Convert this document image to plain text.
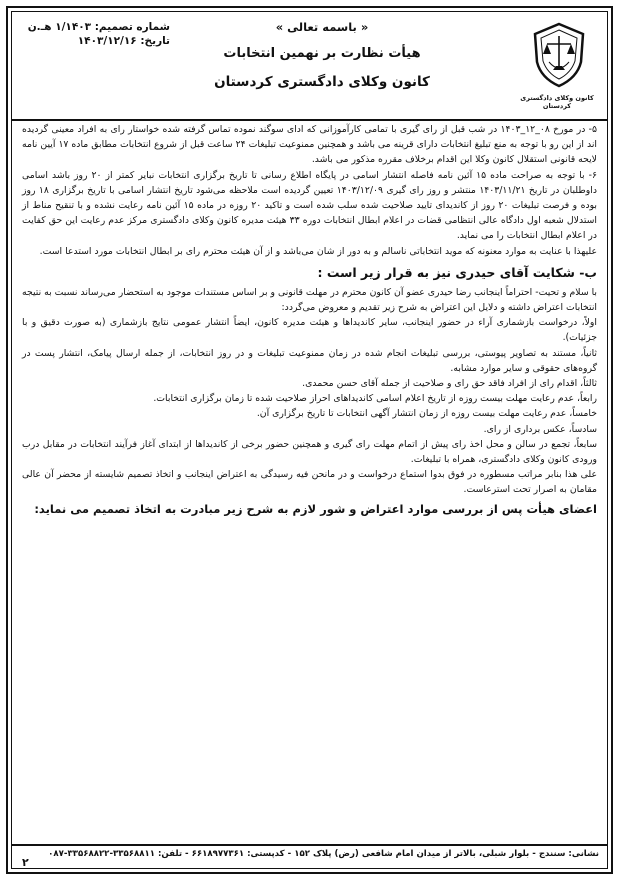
کانون وکلای دادگستری کردستان
« باسمه تعالی »
هیأت نظارت بر نهمین انتخابات
کانون وکلای دادگستری کردستان
شماره تصمیم: ۱/۱۴۰۳ هـ.ن
تاریخ: ۱۴۰۳/۱۲/۱۶

۵- در مورخ ۰۸_۱۲_۱۴۰۳ در شب قبل از رای گیری با تمامی کارآموزانی که ادای سوگند نموده تماس گرفته شده خواستار رای به افراد معینی گردیده اند از این رو با توجه به منع تبلیغ انتخابات دارای قرینه می باشد و همچنین ممنوعیت تبلیغات ۲۴ ساعت قبل از شروع انتخابات مطابق ماده ۱۷ آیین نامه لایحه قانونی استقلال کانون وکلا این اقدام برخلاف مقرره مذکور می باشد.

۶- با توجه به صراحت ماده ۱۵ آئین نامه فاصله انتشار اسامی در پایگاه اطلاع رسانی تا تاریخ برگزاری انتخابات نبایر کمتر از ۲۰ روز باشد اسامی داوطلبان در تاریخ ۱۴۰۳/۱۱/۲۱ منتشر و روز رای گیری ۱۴۰۳/۱۲/۰۹ تعیین گردیده است ملاحظه می‌شود تاریخ انتشار اسامی با تاریخ برگزاری ۱۸ روز بوده و فرصت تبلیغات ۲۰ روز از کاندیدای تایید صلاحیت شده سلب شده است و تاکید ۲۰ روزه در ماده ۱۵ آئین نامه رعایت نشده و با تنقیح مناط از استدلال شعبه اول دادگاه عالی انتظامی قضات در اعلام ابطال انتخابات دوره ۳۳ هیئت مدیره کانون وکلای دادگستری مرکز عدم رعایت این حق کفایت در اعلام ابطال انتخابات را می نماید.

علیهذا با عنایت به موارد معنونه که موید انتخاباتی ناسالم و به دور از شان می‌باشد و از آن هیئت محترم رای بر ابطال انتخابات مورد استدعا است.

ب- شکایت آقای حیدری نیز به قرار زیر است :

با سلام و تحیت- احتراماً اینجانب رضا حیدری عضو آن کانون محترم در مهلت قانونی و بر اساس مستندات موجود به استحضار می‌رساند نسبت به نتیجه انتخابات اعتراض داشته و دلایل این اعتراض به شرح زیر تقدیم و معروض می‌گردد:

اولاً، درخواست بازشماری آراء در حضور اینجانب، سایر کاندیداها و هیئت مدیره کانون، ایضاً انتشار عمومی نتایج بازشماری (به صورت دقیق و با جزئیات).

ثانیاً، مستند به تصاویر پیوستی، بررسی تبلیغات انجام شده در زمان ممنوعیت تبلیغات و در روز انتخابات، از جمله ارسال پیامک، انتشار پست در گروه‌های حقوقی و سایر موارد مشابه.

ثالثاً، اقدام رای از افراد فاقد حق رای و صلاحیت از جمله آقای حسن محمدی.

رابعاً، عدم رعایت مهلت بیست روزه از تاریخ اعلام اسامی کاندیداهای احراز صلاحیت شده تا زمان برگزاری انتخابات.

خامساً، عدم رعایت مهلت بیست روزه از زمان انتشار آگهی انتخابات تا تاریخ برگزاری آن.

سادساً، عکس برداری از رای.

سابعاً، تجمع در سالن و محل اخذ رای پیش از اتمام مهلت رای گیری و همچنین حضور برخی از کاندیداها از ابتدای آغاز فرآیند انتخابات در مقابل درب ورودی کانون وکلای دادگستری، همراه با تبلیغات.

علی هذا بنابر مراتب مسطوره در فوق بدوا استماع درخواست و در مانحن فیه رسیدگی به اعتراض اینجانب و اتخاذ تصمیم شایسته از محضر آن عالی مقامان به اصرار تحت استرعاست.

اعضای هیأت پس از بررسی موارد اعتراض و شور لازم به شرح زیر مبادرت به اتخاذ تصمیم می نماید:

نشانی: سنندج - بلوار شبلی، بالاتر از میدان امام شافعی (رض) پلاک ۱۵۲ - کدپستی: ۶۶۱۸۹۷۷۳۶۱ - تلفن: ۳۳۵۶۸۸۱۱-۳۳۵۶۸۸۲۲-۰۸۷
۲
